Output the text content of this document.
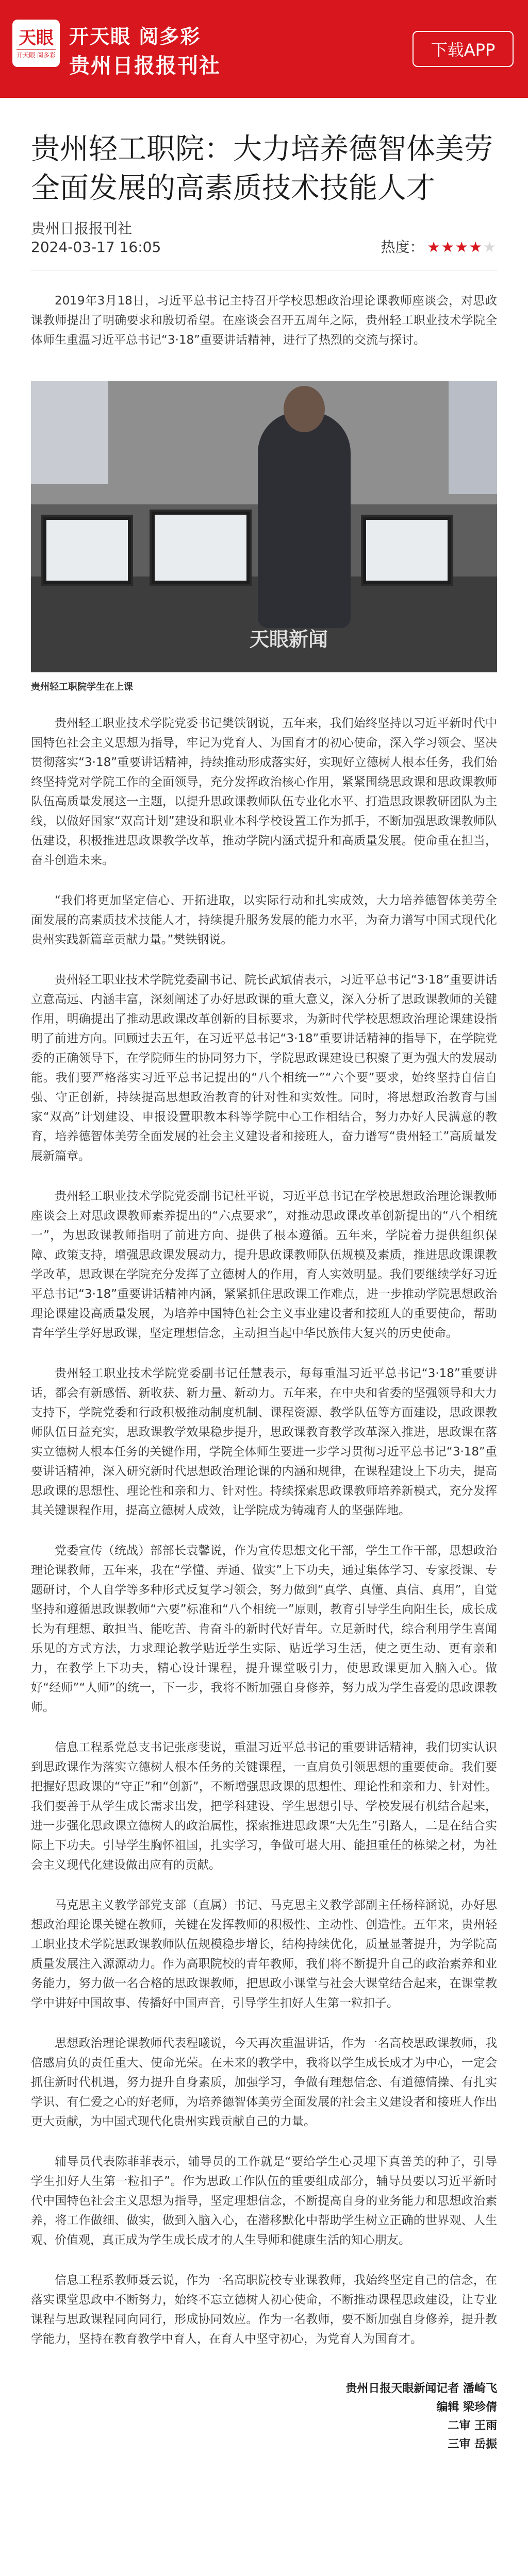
天眼
开天眼 阅多彩
开天眼 阅多彩
贵州日报报刊社
下载APP
贵州轻工职院：大力培养德智体美劳全面发展的高素质技术技能人才
贵州日报报刊社
2024-03-17 16:05	热度： ★★★★★

2019年3月18日，习近平总书记主持召开学校思想政治理论课教师座谈会，对思政课教师提出了明确要求和殷切希望。在座谈会召开五周年之际，贵州轻工职业技术学院全体师生重温习近平总书记“3·18”重要讲话精神，进行了热烈的交流与探讨。

天眼新闻
贵州轻工职院学生在上课

贵州轻工职业技术学院党委书记樊铁钢说，五年来，我们始终坚持以习近平新时代中国特色社会主义思想为指导，牢记为党育人、为国育才的初心使命，深入学习领会、坚决贯彻落实“3·18”重要讲话精神，持续推动形成落实好，实现好立德树人根本任务，我们始终坚持党对学院工作的全面领导，充分发挥政治核心作用，紧紧围绕思政课和思政课教师队伍高质量发展这一主题，以提升思政课教师队伍专业化水平、打造思政课教研团队为主线，以做好国家“双高计划”建设和职业本科学校设置工作为抓手，不断加强思政课教师队伍建设，积极推进思政课教学改革，推动学院内涵式提升和高质量发展。使命重在担当，奋斗创造未来。

“我们将更加坚定信心、开拓进取，以实际行动和扎实成效，大力培养德智体美劳全面发展的高素质技术技能人才，持续提升服务发展的能力水平，为奋力谱写中国式现代化贵州实践新篇章贡献力量。”樊铁钢说。

贵州轻工职业技术学院党委副书记、院长武斌倩表示，习近平总书记“3·18”重要讲话立意高远、内涵丰富，深刻阐述了办好思政课的重大意义，深入分析了思政课教师的关键作用，明确提出了推动思政课改革创新的目标要求，为新时代学校思想政治理论课建设指明了前进方向。回顾过去五年，在习近平总书记“3·18”重要讲话精神的指导下，在学院党委的正确领导下，在学院师生的协同努力下，学院思政课建设已积聚了更为强大的发展动能。我们要严格落实习近平总书记提出的“八个相统一”“六个要”要求，始终坚持自信自强、守正创新，持续提高思想政治教育的针对性和实效性。同时，将思想政治教育与国家“双高”计划建设、申报设置职教本科等学院中心工作相结合，努力办好人民满意的教育，培养德智体美劳全面发展的社会主义建设者和接班人，奋力谱写“贵州轻工”高质量发展新篇章。

贵州轻工职业技术学院党委副书记杜平说，习近平总书记在学校思想政治理论课教师座谈会上对思政课教师素养提出的“六点要求”，对推动思政课改革创新提出的“八个相统一”，为思政课教师指明了前进方向、提供了根本遵循。五年来，学院着力提供组织保障、政策支持，增强思政课发展动力，提升思政课教师队伍规模及素质，推进思政课课教学改革，思政课在学院充分发挥了立德树人的作用，育人实效明显。我们要继续学好习近平总书记“3·18”重要讲话精神内涵，紧紧抓住思政课工作难点，进一步推动学院思想政治理论课建设高质量发展，为培养中国特色社会主义事业建设者和接班人的重要使命，帮助青年学生学好思政课，坚定理想信念，主动担当起中华民族伟大复兴的历史使命。

贵州轻工职业技术学院党委副书记任慧表示，每每重温习近平总书记“3·18”重要讲话，都会有新感悟、新收获、新力量、新动力。五年来，在中央和省委的坚强领导和大力支持下，学院党委和行政积极推动制度机制、课程资源、教学队伍等方面建设，思政课教师队伍日益充实，思政课教学效果稳步提升，思政课教育教学改革深入推进，思政课在落实立德树人根本任务的关键作用，学院全体师生要进一步学习贯彻习近平总书记“3·18”重要讲话精神，深入研究新时代思想政治理论课的内涵和规律，在课程建设上下功夫，提高思政课的思想性、理论性和亲和力、针对性。持续探索思政课教师培养新模式，充分发挥其关键课程作用，提高立德树人成效，让学院成为铸魂育人的坚强阵地。

党委宣传（统战）部部长袁馨说，作为宣传思想文化干部，学生工作干部，思想政治理论课教师，五年来，我在“学懂、弄通、做实”上下功夫，通过集体学习、专家授课、专题研讨，个人自学等多种形式反复学习领会，努力做到“真学、真懂、真信、真用”，自觉坚持和遵循思政课教师“六要”标准和“八个相统一”原则，教育引导学生向阳生长，成长成长为有理想、敢担当、能吃苦、肯奋斗的新时代好青年。立足新时代，综合利用学生喜闻乐见的方式方法，力求理论教学贴近学生实际、贴近学习生活，使之更生动、更有亲和力，在教学上下功夫，精心设计课程，提升课堂吸引力，使思政课更加入脑入心。做好“经师”“人师”的统一，下一步，我将不断加强自身修养，努力成为学生喜爱的思政课教师。

信息工程系党总支书记张彦斐说，重温习近平总书记的重要讲话精神，我们切实认识到思政课作为落实立德树人根本任务的关键课程，一直肩负引领思想的重要使命。我们要把握好思政课的“守正”和“创新”，不断增强思政课的思想性、理论性和亲和力、针对性。我们要善于从学生成长需求出发，把学科建设、学生思想引导、学校发展有机结合起来，进一步强化思政课立德树人的政治属性，探索推进思政课“大先生”引路人，二是在结合实际上下功夫。引导学生胸怀祖国，扎实学习，争做可堪大用、能担重任的栋梁之材，为社会主义现代化建设做出应有的贡献。

马克思主义教学部党支部（直属）书记、马克思主义教学部副主任杨梓涵说，办好思想政治理论课关键在教师，关键在发挥教师的积极性、主动性、创造性。五年来，贵州轻工职业技术学院思政课教师队伍规模稳步增长，结构持续优化，质量显著提升，为学院高质量发展注入源源动力。作为高职院校的青年教师，我们将不断提升自己的政治素养和业务能力，努力做一名合格的思政课教师，把思政小课堂与社会大课堂结合起来，在课堂教学中讲好中国故事、传播好中国声音，引导学生扣好人生第一粒扣子。

思想政治理论课教师代表程曦说，今天再次重温讲话，作为一名高校思政课教师，我倍感肩负的责任重大、使命光荣。在未来的教学中，我将以学生成长成才为中心，一定会抓住新时代机遇，努力提升自身素质，加强学习，争做有理想信念、有道德情操、有扎实学识、有仁爱之心的好老师，为培养德智体美劳全面发展的社会主义建设者和接班人作出更大贡献，为中国式现代化贵州实践贡献自己的力量。

辅导员代表陈菲菲表示，辅导员的工作就是“要给学生心灵埋下真善美的种子，引导学生扣好人生第一粒扣子”。作为思政工作队伍的重要组成部分，辅导员要以习近平新时代中国特色社会主义思想为指导，坚定理想信念，不断提高自身的业务能力和思想政治素养，将工作做细、做实，做到入脑入心，在潜移默化中帮助学生树立正确的世界观、人生观、价值观，真正成为学生成长成才的人生导师和健康生活的知心朋友。

信息工程系教师聂云说，作为一名高职院校专业课教师，我始终坚定自己的信念，在落实课堂思政中不断努力，始终不忘立德树人初心使命，不断推动课程思政建设，让专业课程与思政课程同向同行，形成协同效应。作为一名教师，要不断加强自身修养，提升教学能力，坚持在教育教学中育人，在育人中坚守初心，为党育人为国育才。

贵州日报天眼新闻记者 潘崎飞
编辑 梁珍倩
二审 王雨
三审 岳振
